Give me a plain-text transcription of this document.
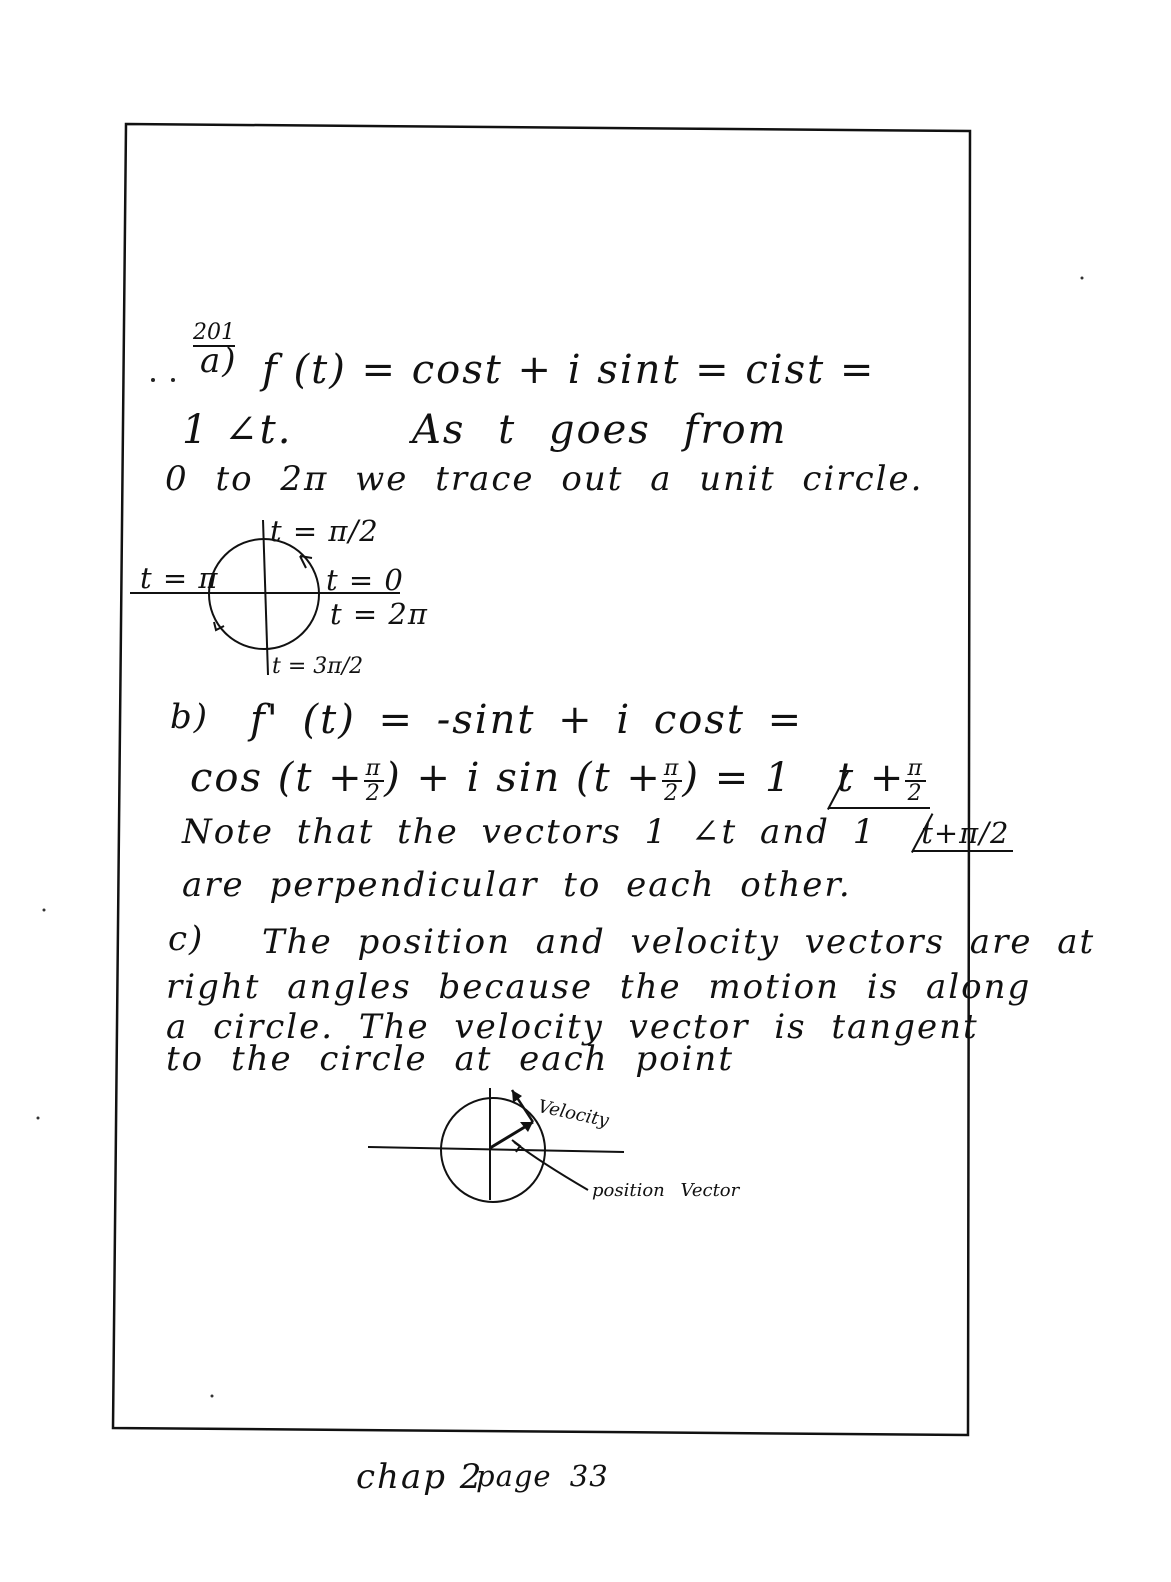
201
a) f (t) = cost + i sint = cist =
1 ∠t.	As t goes from
0 to 2π we trace out a unit circle.
t = π/2
t = π	t = 0
t = 2π
t = 3π/2
b) f' (t) = -sint + i cost =
$\cos (t + \frac{\pi}{2}$ ) + i $\sin (t + \frac{\pi}{2}$ ) = 1 $t + \frac{\pi}{2}$
Note that the vectors 1 ∠t and 1 t+π/2
are perpendicular to each other.
c) The position and velocity vectors are at
right angles because the motion is along
a circle. The velocity vector is tangent
to the circle at each point
Velocity
position Vector
chap 2
page 33
